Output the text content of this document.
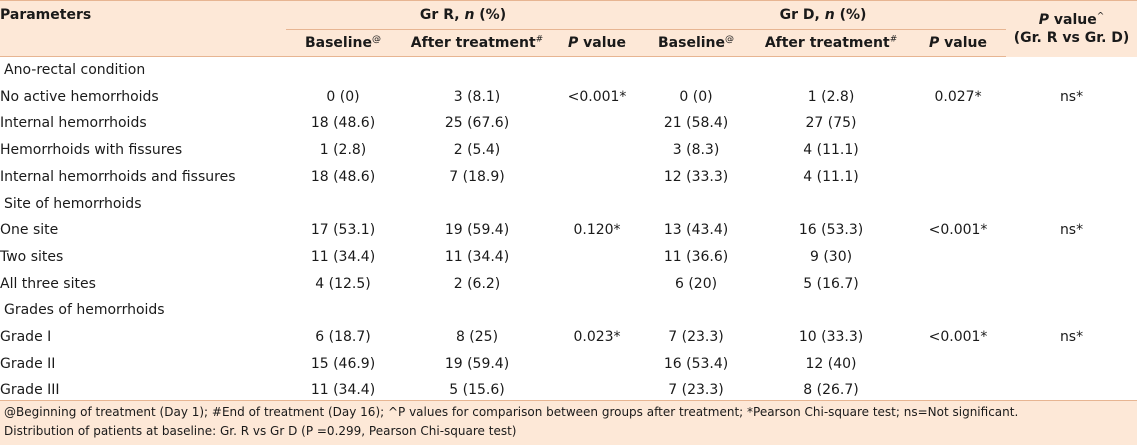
Parameters	Gr R, n (%)			Gr D, n (%)			P value^
(Gr. R vs Gr. D)
	Baseline@	After treatment#	P value	Baseline@	After treatment#	P value	
Ano-rectal condition							
No active hemorrhoids	0 (0)	3 (8.1)	<0.001*	0 (0)	1 (2.8)	0.027*	ns*
Internal hemorrhoids	18 (48.6)	25 (67.6)		21 (58.4)	27 (75)		
Hemorrhoids with fissures	1 (2.8)	2 (5.4)		3 (8.3)	4 (11.1)		
Internal hemorrhoids and fissures	18 (48.6)	7 (18.9)		12 (33.3)	4 (11.1)		
Site of hemorrhoids							
One site	17 (53.1)	19 (59.4)	0.120*	13 (43.4)	16 (53.3)	<0.001*	ns*
Two sites	11 (34.4)	11 (34.4)		11 (36.6)	9 (30)		
All three sites	4 (12.5)	2 (6.2)		6 (20)	5 (16.7)		
Grades of hemorrhoids							
Grade I	6 (18.7)	8 (25)	0.023*	7 (23.3)	10 (33.3)	<0.001*	ns*
Grade II	15 (46.9)	19 (59.4)		16 (53.4)	12 (40)		
Grade III	11 (34.4)	5 (15.6)		7 (23.3)	8 (26.7)		
@Beginning of treatment (Day 1); #End of treatment (Day 16); ^P values for comparison between groups after treatment; *Pearson Chi-square test; ns=Not significant.
Distribution of patients at baseline: Gr. R vs Gr D (P =0.299, Pearson Chi-square test)
